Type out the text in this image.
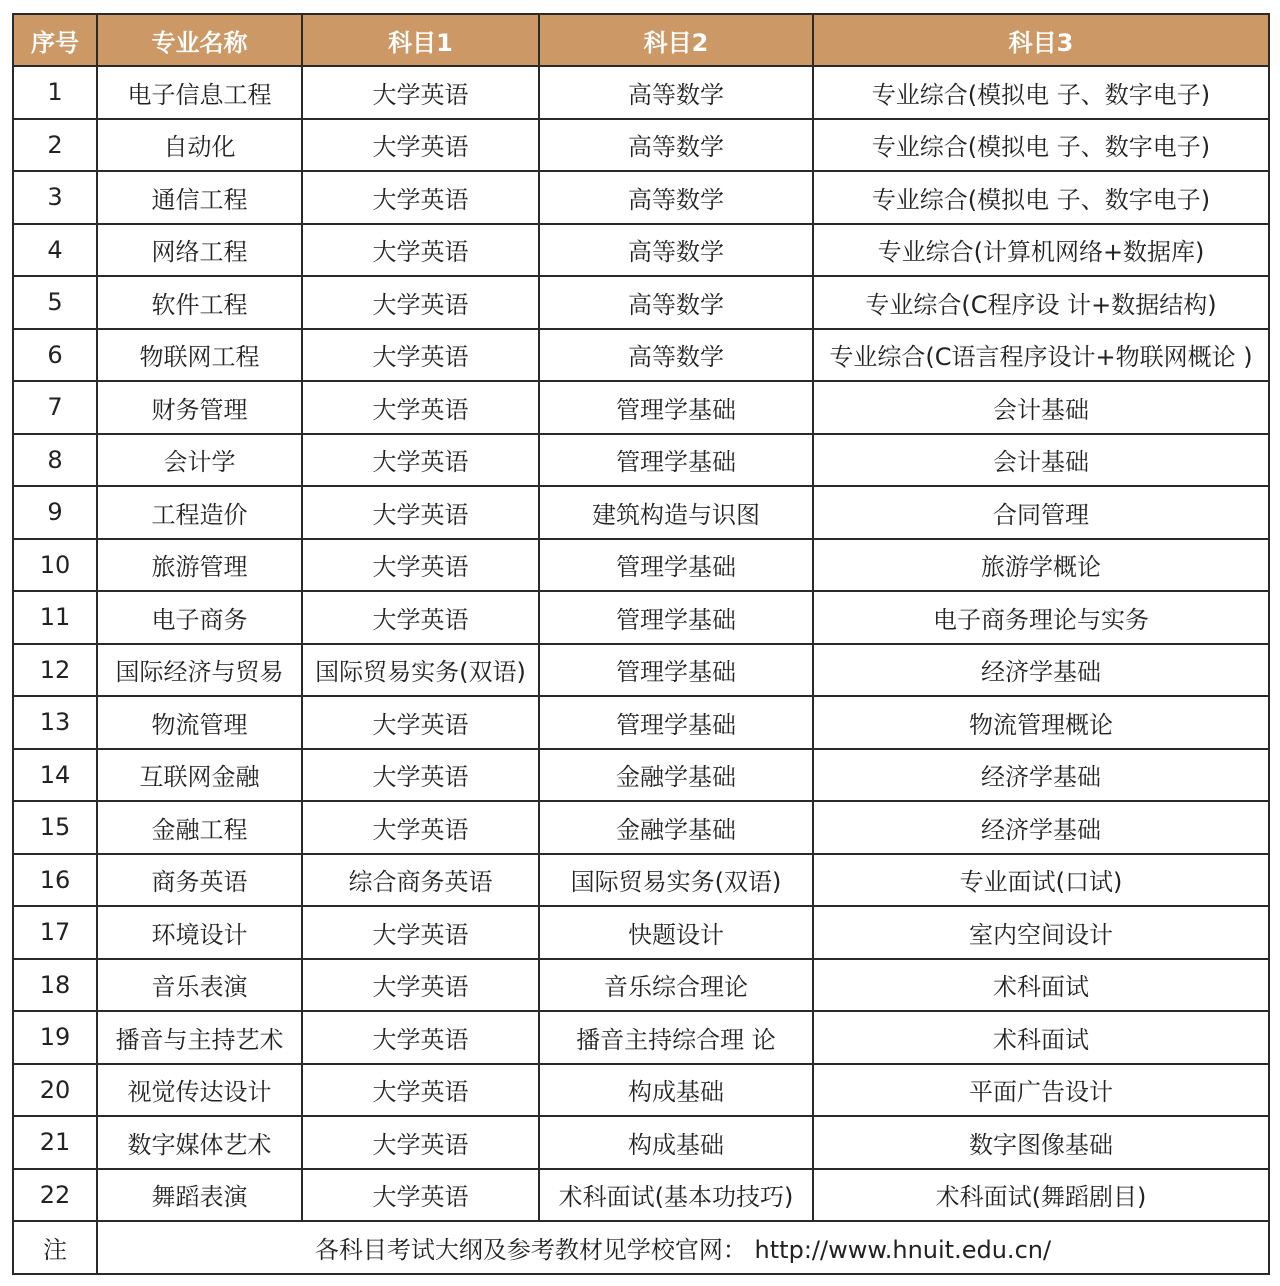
序号	专业名称	科目1	科目2	科目3
1	电子信息工程	大学英语	高等数学	专业综合(模拟电 子、数字电子)
2	自动化	大学英语	高等数学	专业综合(模拟电 子、数字电子)
3	通信工程	大学英语	高等数学	专业综合(模拟电 子、数字电子)
4	网络工程	大学英语	高等数学	专业综合(计算机网络+数据库)
5	软件工程	大学英语	高等数学	专业综合(C程序设 计+数据结构)
6	物联网工程	大学英语	高等数学	专业综合(C语言程序设计+物联网概论 )
7	财务管理	大学英语	管理学基础	会计基础
8	会计学	大学英语	管理学基础	会计基础
9	工程造价	大学英语	建筑构造与识图	合同管理
10	旅游管理	大学英语	管理学基础	旅游学概论
11	电子商务	大学英语	管理学基础	电子商务理论与实务
12	国际经济与贸易	国际贸易实务(双语)	管理学基础	经济学基础
13	物流管理	大学英语	管理学基础	物流管理概论
14	互联网金融	大学英语	金融学基础	经济学基础
15	金融工程	大学英语	金融学基础	经济学基础
16	商务英语	综合商务英语	国际贸易实务(双语)	专业面试(口试)
17	环境设计	大学英语	快题设计	室内空间设计
18	音乐表演	大学英语	音乐综合理论	术科面试
19	播音与主持艺术	大学英语	播音主持综合理 论	术科面试
20	视觉传达设计	大学英语	构成基础	平面广告设计
21	数字媒体艺术	大学英语	构成基础	数字图像基础
22	舞蹈表演	大学英语	术科面试(基本功技巧)	术科面试(舞蹈剧目)
注	各科目考试大纲及参考教材见学校官网： http://www.hnuit.edu.cn/			
